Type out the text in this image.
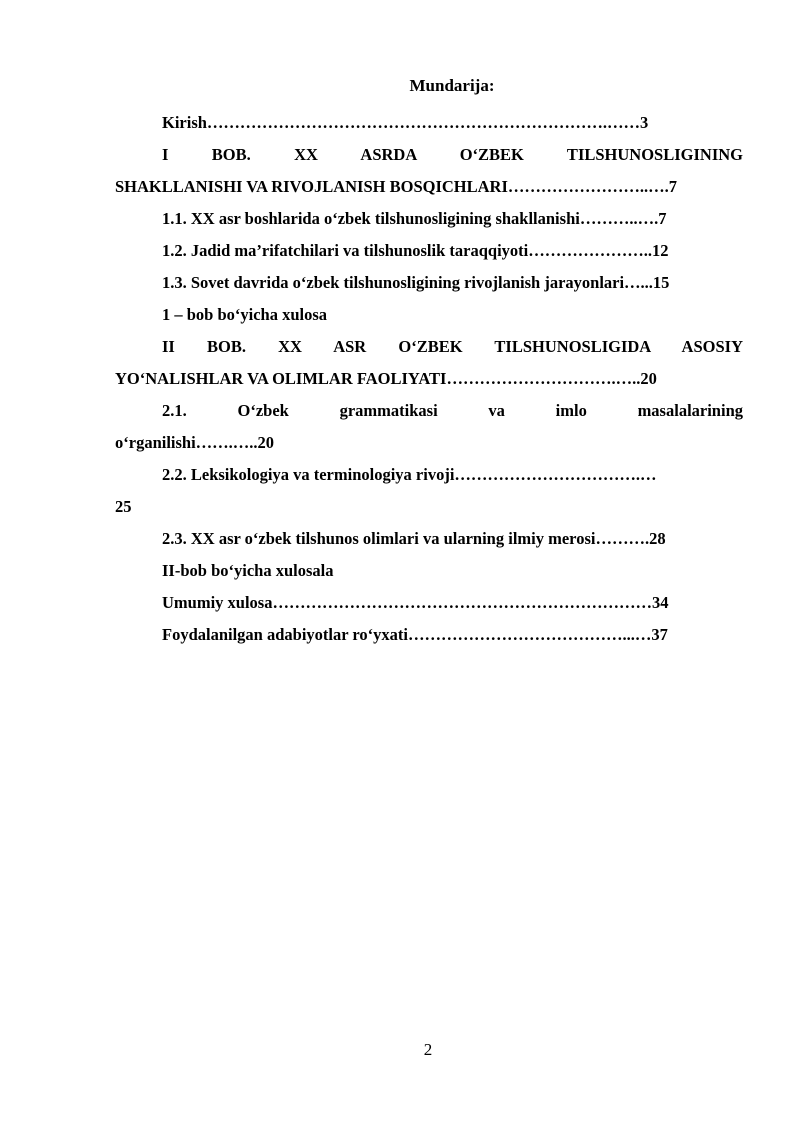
Mundarija:
Kirish……………………………………………………………….……3
I BOB. XX ASRDA O‘ZBEK TILSHUNOSLIGINING
SHAKLLANISHI VA RIVOJLANISH BOSQICHLARI……………………..….7
1.1. XX asr boshlarida o‘zbek tilshunosligining shakllanishi………..….7
1.2. Jadid ma’rifatchilari va tilshunoslik taraqqiyoti…………………..12
1.3. Sovet davrida o‘zbek tilshunosligining rivojlanish jarayonlari…...15
1 – bob bo‘yicha xulosa
II BOB. XX ASR O‘ZBEK TILSHUNOSLIGIDA ASOSIY
YO‘NALISHLAR VA OLIMLAR FAOLIYATI………………………….…..20
2.1. O‘zbek grammatikasi va imlo masalalarining
o‘rganilishi…….…..20
2.2. Leksikologiya va terminologiya rivoji…………………………….…
25
2.3. XX asr o‘zbek tilshunos olimlari va ularning ilmiy merosi……….28
II-bob bo‘yicha xulosala
Umumiy xulosa……………………………………………………………34
Foydalanilgan adabiyotlar ro‘yxati…………………………………...…37
2
